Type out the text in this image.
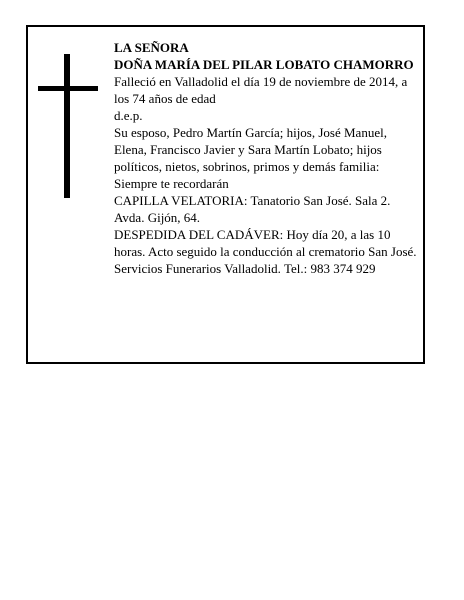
LA SEÑORA

DOÑA MARÍA DEL PILAR LOBATO CHAMORRO

Falleció en Valladolid el día 19 de noviembre de 2014, a los 74 años de edad

d.e.p.

Su esposo, Pedro Martín García; hijos, José Manuel, Elena, Francisco Javier y Sara Martín Lobato; hijos políticos, nietos, sobrinos, primos y demás familia:

Siempre te recordarán

CAPILLA VELATORIA: Tanatorio San José. Sala 2. Avda. Gijón, 64.

DESPEDIDA DEL CADÁVER: Hoy día 20, a las 10 horas. Acto seguido la conducción al crematorio San José.

Servicios Funerarios Valladolid. Tel.: 983 374 929
